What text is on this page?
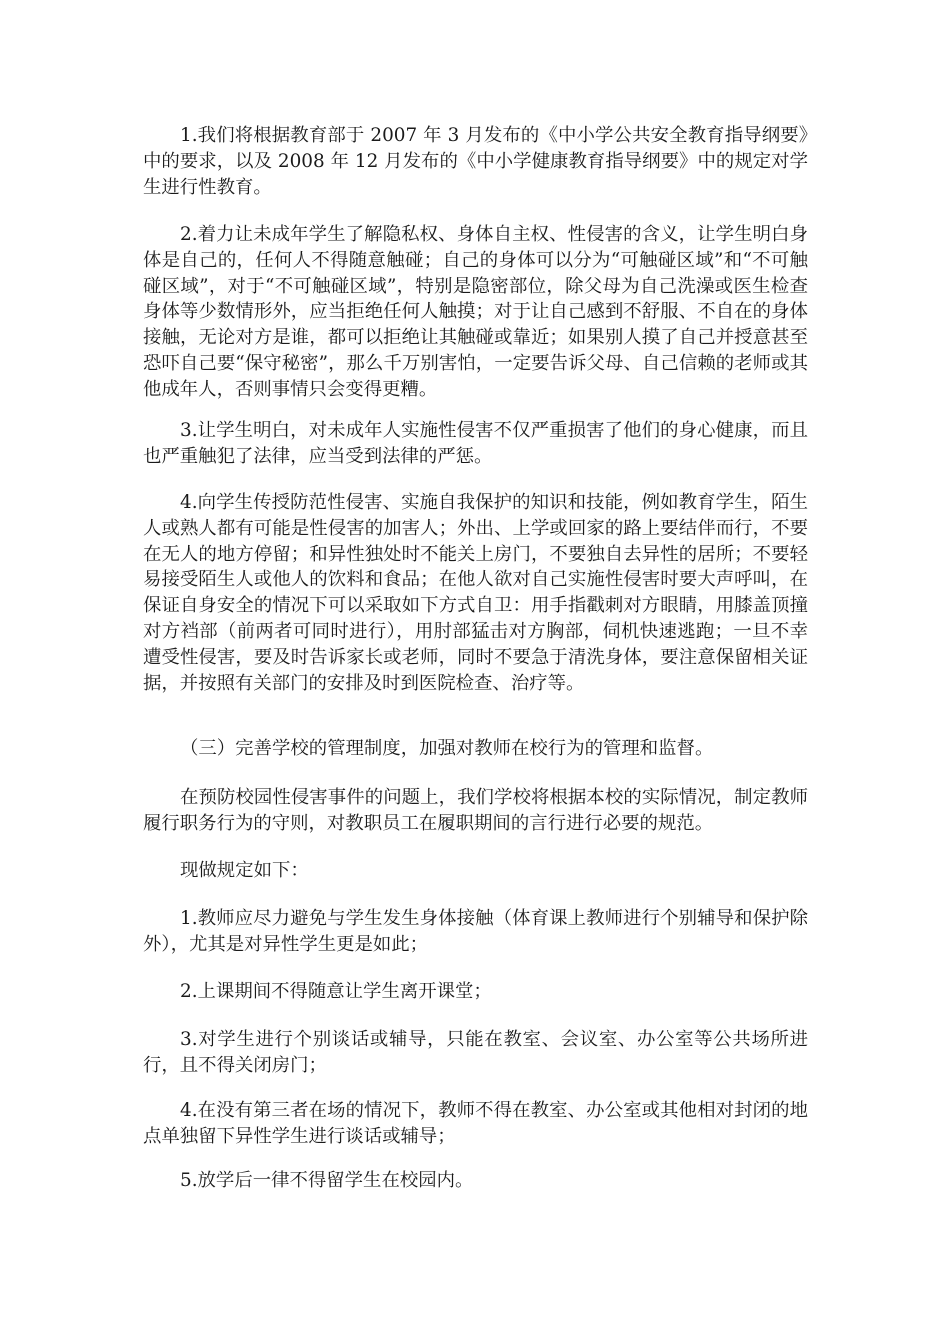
1.我们将根据教育部于 2007 年 3 月发布的《中小学公共安全教育指导纲要》中的要求，以及 2008 年 12 月发布的《中小学健康教育指导纲要》中的规定对学生进行性教育。

2.着力让未成年学生了解隐私权、身体自主权、性侵害的含义，让学生明白身体是自己的，任何人不得随意触碰；自己的身体可以分为“可触碰区域”和“不可触碰区域”，对于“不可触碰区域”，特别是隐密部位，除父母为自己洗澡或医生检查身体等少数情形外，应当拒绝任何人触摸；对于让自己感到不舒服、不自在的身体接触，无论对方是谁，都可以拒绝让其触碰或靠近；如果别人摸了自己并授意甚至恐吓自己要“保守秘密”，那么千万别害怕，一定要告诉父母、自己信赖的老师或其他成年人，否则事情只会变得更糟。

3.让学生明白，对未成年人实施性侵害不仅严重损害了他们的身心健康，而且也严重触犯了法律，应当受到法律的严惩。

4.向学生传授防范性侵害、实施自我保护的知识和技能，例如教育学生，陌生人或熟人都有可能是性侵害的加害人；外出、上学或回家的路上要结伴而行，不要在无人的地方停留；和异性独处时不能关上房门，不要独自去异性的居所；不要轻易接受陌生人或他人的饮料和食品；在他人欲对自己实施性侵害时要大声呼叫，在保证自身安全的情况下可以采取如下方式自卫：用手指戳刺对方眼睛，用膝盖顶撞对方裆部（前两者可同时进行），用肘部猛击对方胸部，伺机快速逃跑；一旦不幸遭受性侵害，要及时告诉家长或老师，同时不要急于清洗身体，要注意保留相关证据，并按照有关部门的安排及时到医院检查、治疗等。

（三）完善学校的管理制度，加强对教师在校行为的管理和监督。

在预防校园性侵害事件的问题上，我们学校将根据本校的实际情况，制定教师履行职务行为的守则，对教职员工在履职期间的言行进行必要的规范。

现做规定如下：

1.教师应尽力避免与学生发生身体接触（体育课上教师进行个别辅导和保护除外），尤其是对异性学生更是如此；

2.上课期间不得随意让学生离开课堂；

3.对学生进行个别谈话或辅导，只能在教室、会议室、办公室等公共场所进行，且不得关闭房门；

4.在没有第三者在场的情况下，教师不得在教室、办公室或其他相对封闭的地点单独留下异性学生进行谈话或辅导；

5.放学后一律不得留学生在校园内。
